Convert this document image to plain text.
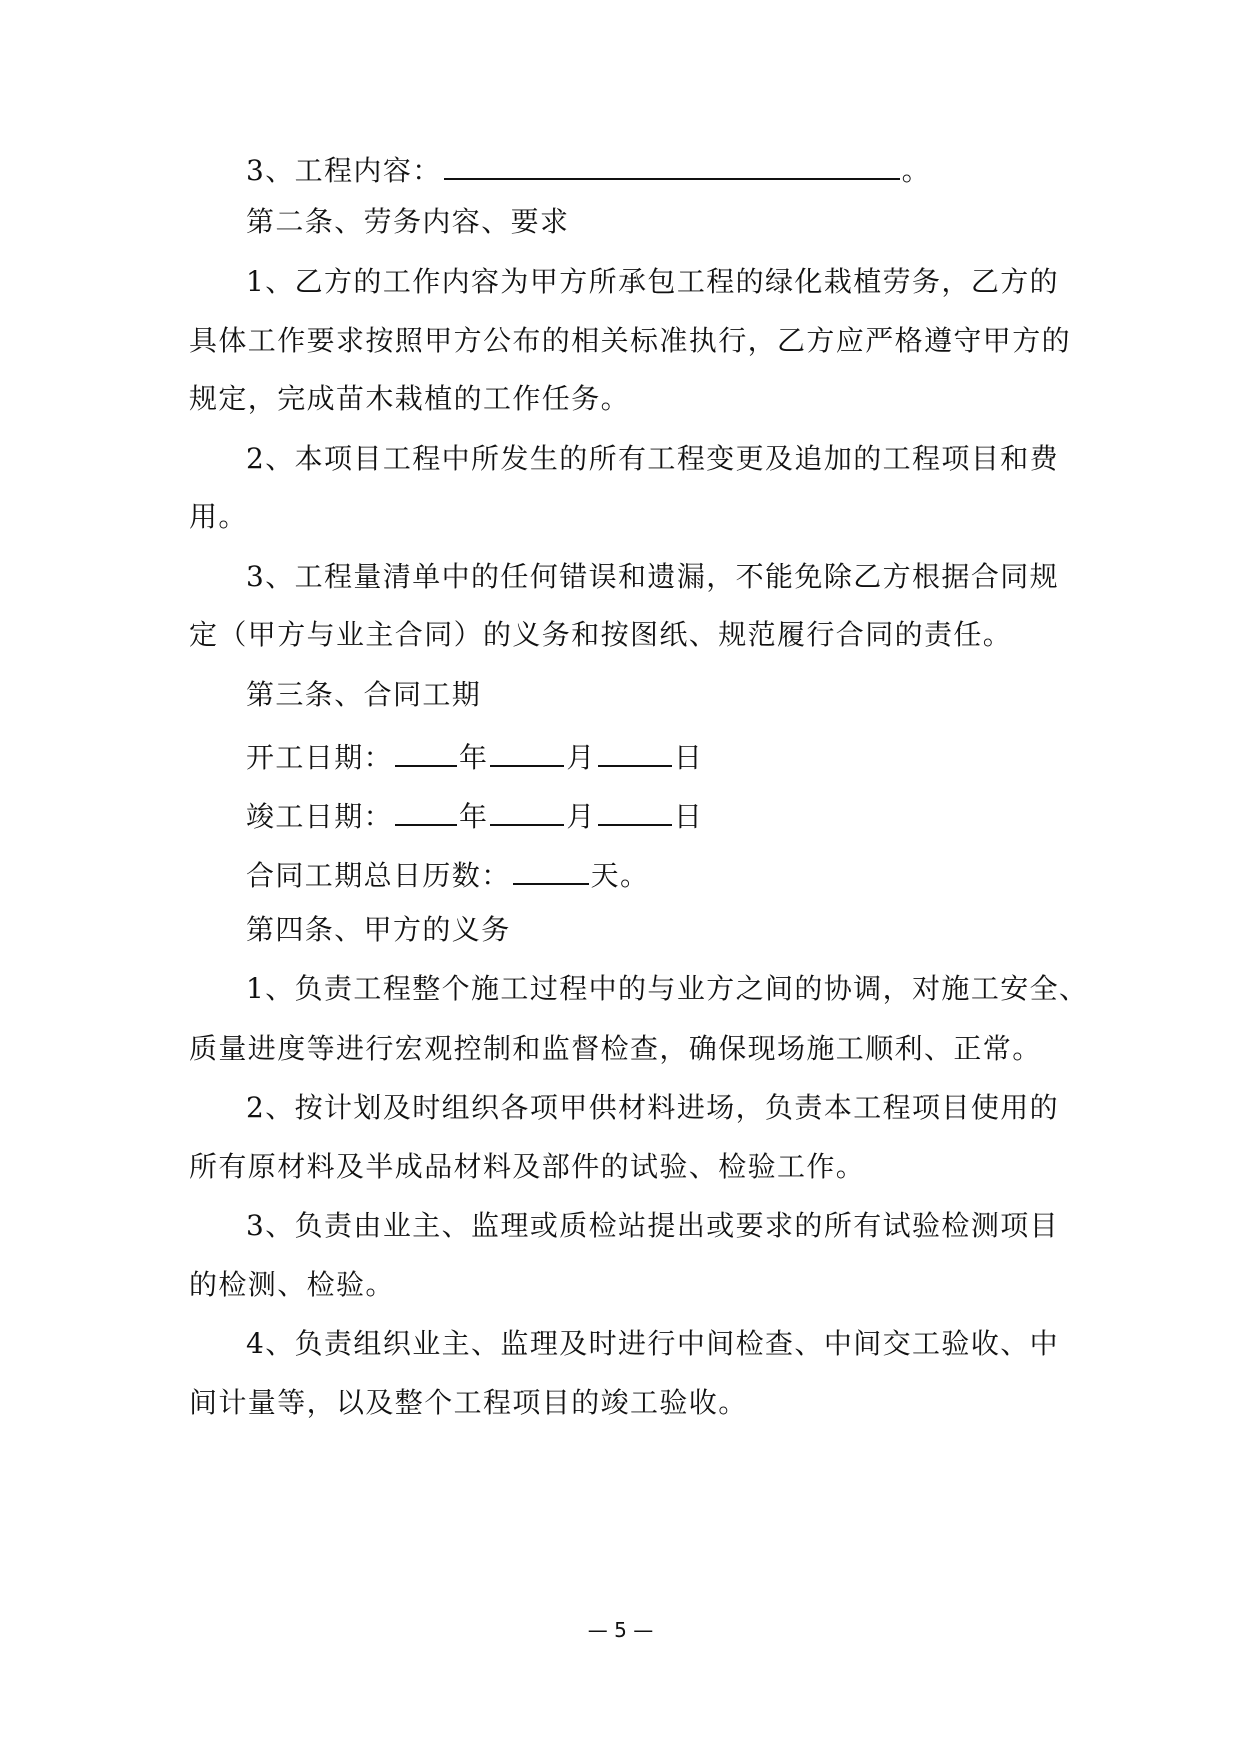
3、工程内容：	。
第二条、劳务内容、要求
1、乙方的工作内容为甲方所承包工程的绿化栽植劳务，乙方的
具体工作要求按照甲方公布的相关标准执行，乙方应严格遵守甲方的
规定，完成苗木栽植的工作任务。
2、本项目工程中所发生的所有工程变更及追加的工程项目和费
用。
3、工程量清单中的任何错误和遗漏，不能免除乙方根据合同规
定（甲方与业主合同）的义务和按图纸、规范履行合同的责任。
第三条、合同工期
开工日期： 年	月	日
竣工日期： 年	月	日
合同工期总日历数：	天。
第四条、甲方的义务
1、负责工程整个施工过程中的与业方之间的协调，对施工安全、
质量进度等进行宏观控制和监督检查，确保现场施工顺利、正常。
2、按计划及时组织各项甲供材料进场，负责本工程项目使用的
所有原材料及半成品材料及部件的试验、检验工作。
3、负责由业主、监理或质检站提出或要求的所有试验检测项目
的检测、检验。
4、负责组织业主、监理及时进行中间检查、中间交工验收、中
间计量等，以及整个工程项目的竣工验收。
— 5 —
